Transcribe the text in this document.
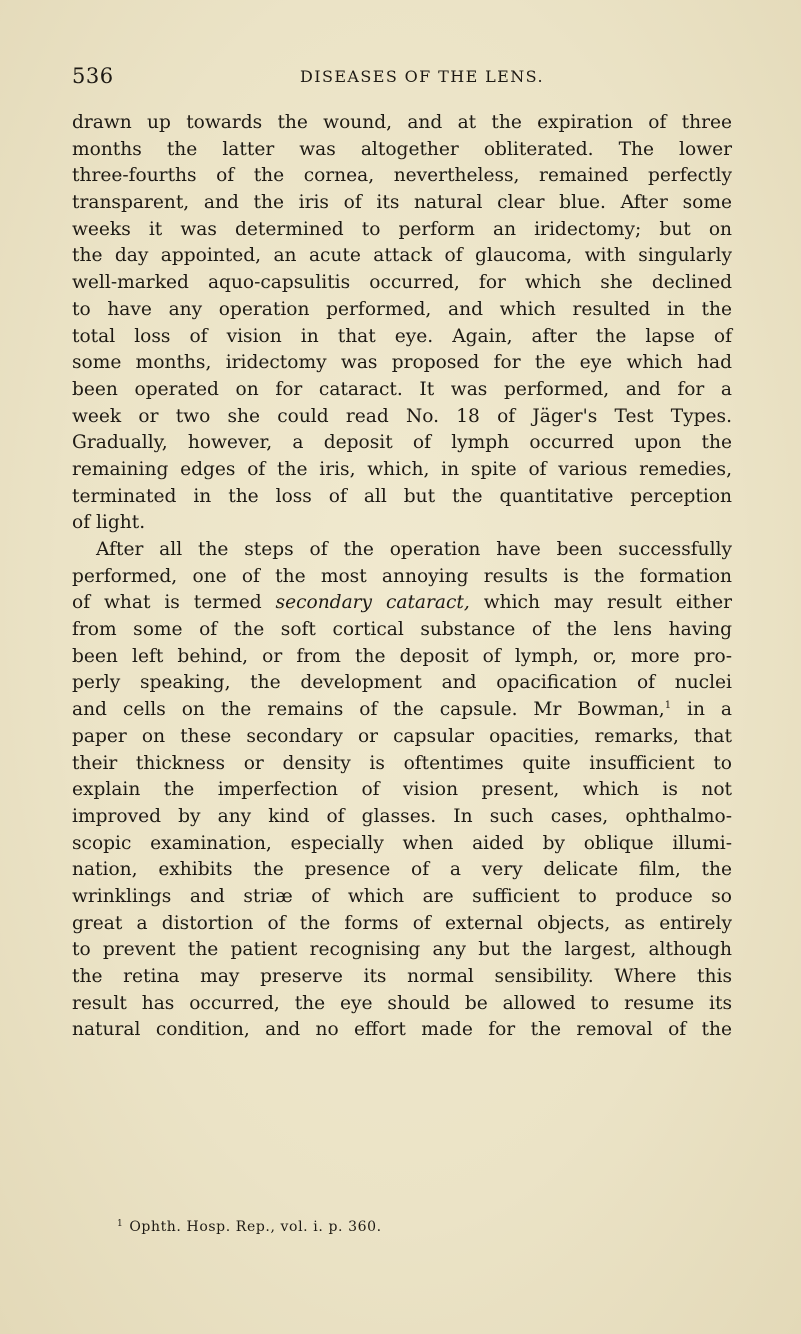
536	DISEASES OF THE LENS.
drawn up towards the wound, and at the expiration of three
months the latter was altogether obliterated. The lower
three-fourths of the cornea, nevertheless, remained perfectly
transparent, and the iris of its natural clear blue. After some
weeks it was determined to perform an iridectomy; but on
the day appointed, an acute attack of glaucoma, with singularly
well-marked aquo-capsulitis occurred, for which she declined
to have any operation performed, and which resulted in the
total loss of vision in that eye. Again, after the lapse of
some months, iridectomy was proposed for the eye which had
been operated on for cataract. It was performed, and for a
week or two she could read No. 18 of Jäger's Test Types.
Gradually, however, a deposit of lymph occurred upon the
remaining edges of the iris, which, in spite of various remedies,
terminated in the loss of all but the quantitative perception
of light.
After all the steps of the operation have been successfully
performed, one of the most annoying results is the formation
of what is termed secondary cataract, which may result either
from some of the soft cortical substance of the lens having
been left behind, or from the deposit of lymph, or, more pro-
perly speaking, the development and opacification of nuclei
and cells on the remains of the capsule. Mr Bowman,$^1$ in a
paper on these secondary or capsular opacities, remarks, that
their thickness or density is oftentimes quite insufficient to
explain the imperfection of vision present, which is not
improved by any kind of glasses. In such cases, ophthalmo-
scopic examination, especially when aided by oblique illumi-
nation, exhibits the presence of a very delicate film, the
wrinklings and striæ of which are sufficient to produce so
great a distortion of the forms of external objects, as entirely
to prevent the patient recognising any but the largest, although
the retina may preserve its normal sensibility. Where this
result has occurred, the eye should be allowed to resume its
natural condition, and no effort made for the removal of the
$^1$ Ophth. Hosp. Rep., vol. i. p. 360.
